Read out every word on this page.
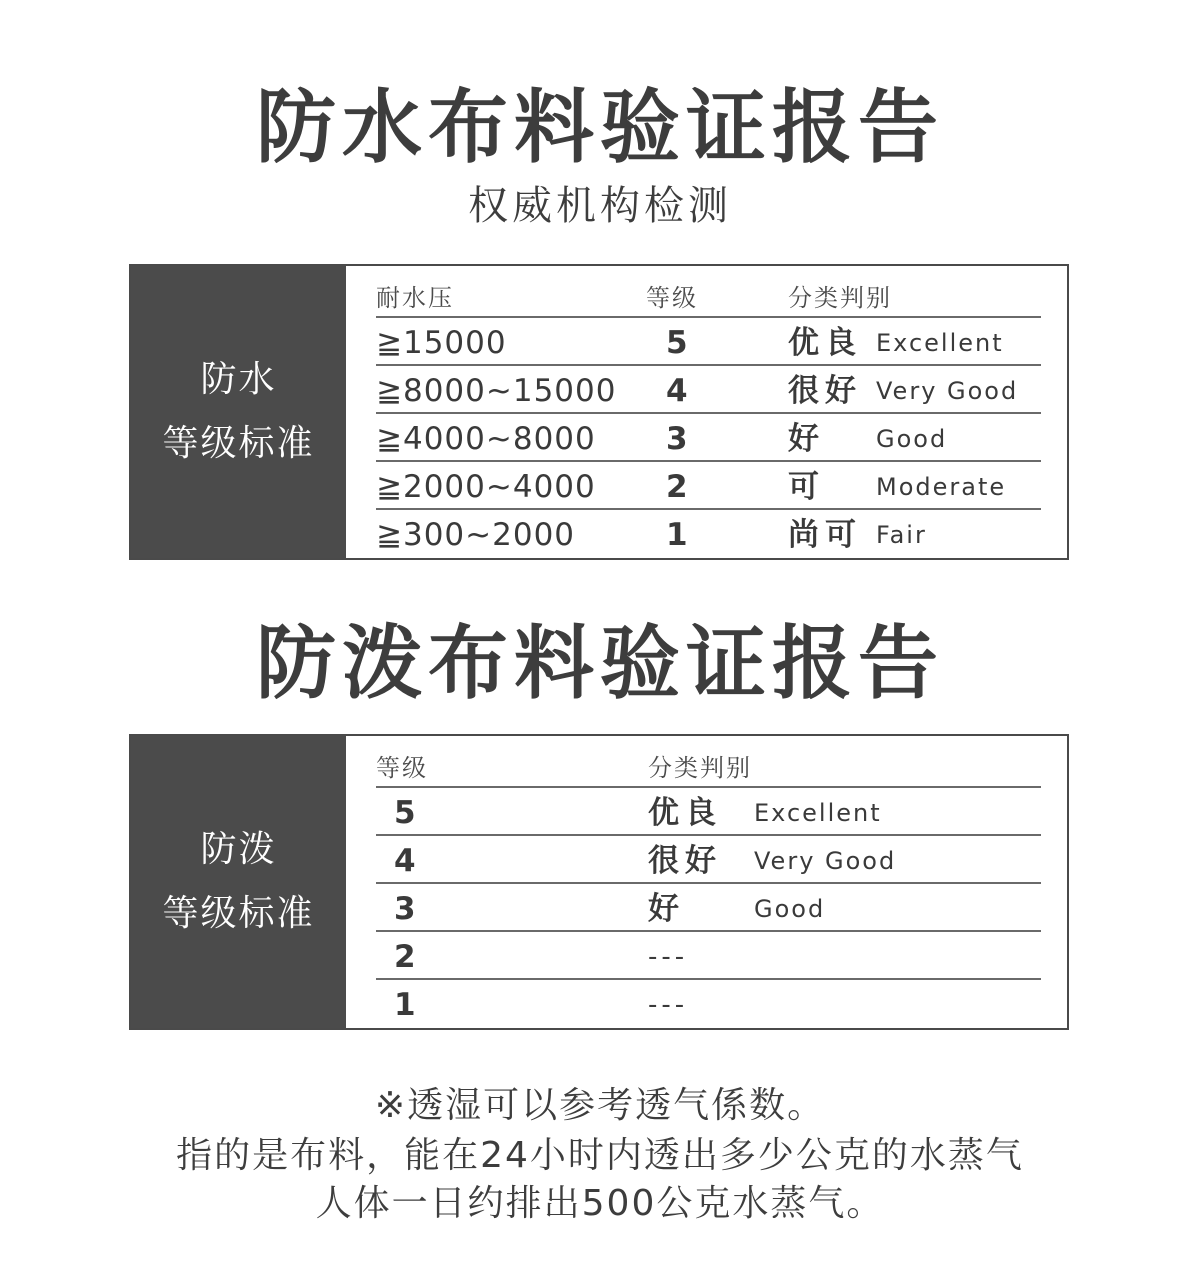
防水布料验证报告
权威机构检测
防水
等级标准
耐水压	等级	分类判别
≧15000	5	优良 Excellent
≧8000~15000 4	很好 Very Good
≧4000~8000 3	好 Good
≧2000~4000 2	可 Moderate
≧300~2000	1	尚可 Fair
防泼布料验证报告
防泼
等级标准
等级	分类判别
5	优良 Excellent
4	很好 Very Good
3	好	Good
2	---
1	---
※透湿可以参考透气係数。
指的是布料，能在24小时内透出多少公克的水蒸气
人体一日约排出500公克水蒸气。
